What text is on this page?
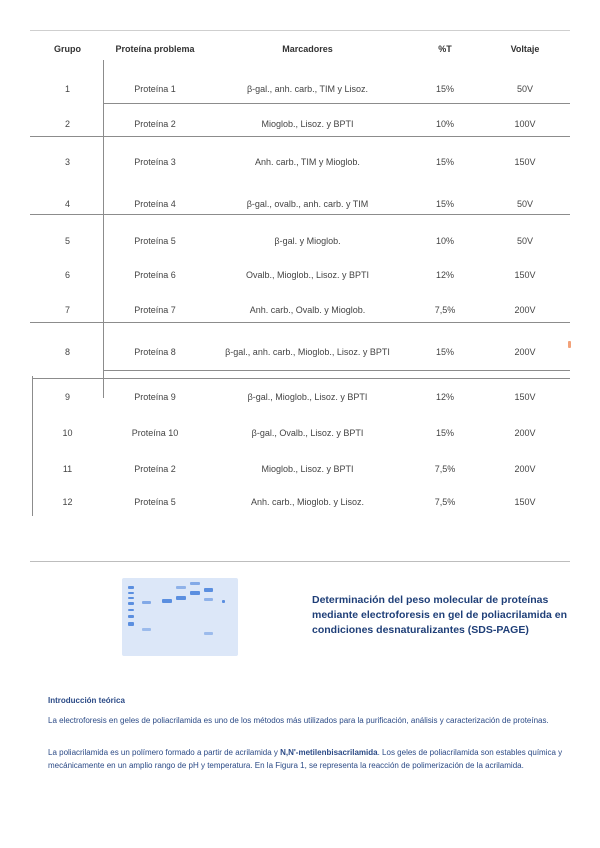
Grupo	Proteína problema	Marcadores	%T	Voltaje
1	Proteína 1	β-gal., anh. carb., TIM y Lisoz.	15%	50V
2	Proteína 2	Mioglob., Lisoz. y BPTI	10%	100V
3	Proteína 3	Anh. carb., TIM y Mioglob.	15%	150V
4	Proteína 4	β-gal., ovalb., anh. carb. y TIM	15%	50V
5	Proteína 5	β-gal. y Mioglob.	10%	50V
6	Proteína 6	Ovalb., Mioglob., Lisoz. y BPTI	12%	150V
7	Proteína 7	Anh. carb., Ovalb. y Mioglob.	7,5%	200V
8	Proteína 8	β-gal., anh. carb., Mioglob., Lisoz. y BPTI	15%	200V
9	Proteína 9	β-gal., Mioglob., Lisoz. y BPTI	12%	150V
10	Proteína 10	β-gal., Ovalb., Lisoz. y BPTI	15%	200V
11	Proteína 2	Mioglob., Lisoz. y BPTI	7,5%	200V
12	Proteína 5	Anh. carb., Mioglob. y Lisoz.	7,5%	150V
Determinación del peso molecular de proteínas mediante electroforesis en gel de poliacrilamida en condiciones desnaturalizantes (SDS-PAGE)
Introducción teórica
La electroforesis en geles de poliacrilamida es uno de los métodos más utilizados para la purificación, análisis y caracterización de proteínas.
La poliacrilamida es un polímero formado a partir de acrilamida y N,N'-metilenbisacrilamida. Los geles de poliacrilamida son estables química y mecánicamente en un amplio rango de pH y temperatura. En la Figura 1, se representa la reacción de polimerización de la acrilamida.
